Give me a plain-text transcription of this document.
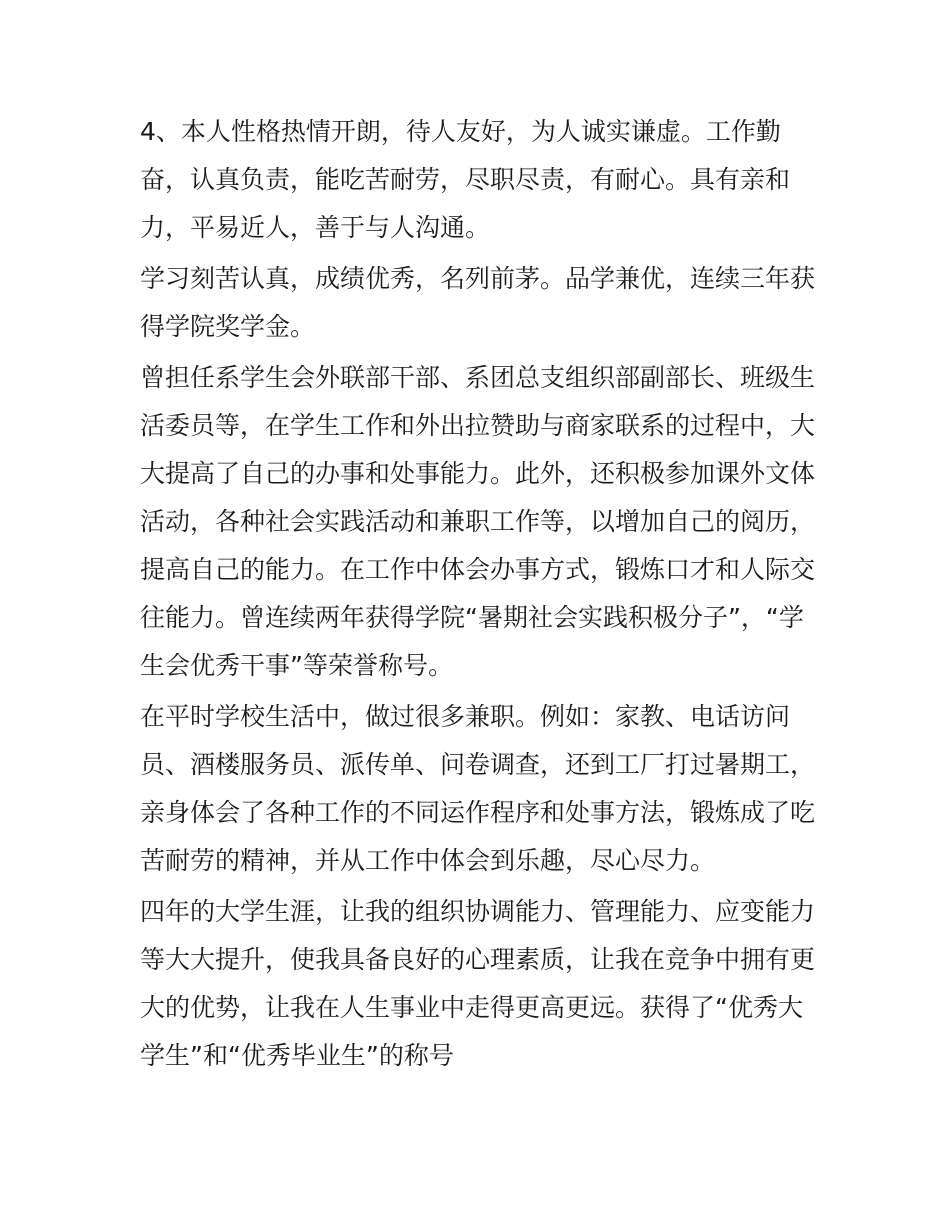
4、本人性格热情开朗，待人友好，为人诚实谦虚。工作勤
奋，认真负责，能吃苦耐劳，尽职尽责，有耐心。具有亲和
力，平易近人，善于与人沟通。

学习刻苦认真，成绩优秀，名列前茅。品学兼优，连续三年获
得学院奖学金。

曾担任系学生会外联部干部、系团总支组织部副部长、班级生
活委员等，在学生工作和外出拉赞助与商家联系的过程中，大
大提高了自己的办事和处事能力。此外，还积极参加课外文体
活动，各种社会实践活动和兼职工作等，以增加自己的阅历，
提高自己的能力。在工作中体会办事方式，锻炼口才和人际交
往能力。曾连续两年获得学院“暑期社会实践积极分子”，“学
生会优秀干事”等荣誉称号。

在平时学校生活中，做过很多兼职。例如：家教、电话访问
员、酒楼服务员、派传单、问卷调查，还到工厂打过暑期工，
亲身体会了各种工作的不同运作程序和处事方法，锻炼成了吃
苦耐劳的精神，并从工作中体会到乐趣，尽心尽力。

四年的大学生涯，让我的组织协调能力、管理能力、应变能力
等大大提升，使我具备良好的心理素质，让我在竞争中拥有更
大的优势，让我在人生事业中走得更高更远。获得了“优秀大
学生”和“优秀毕业生”的称号
